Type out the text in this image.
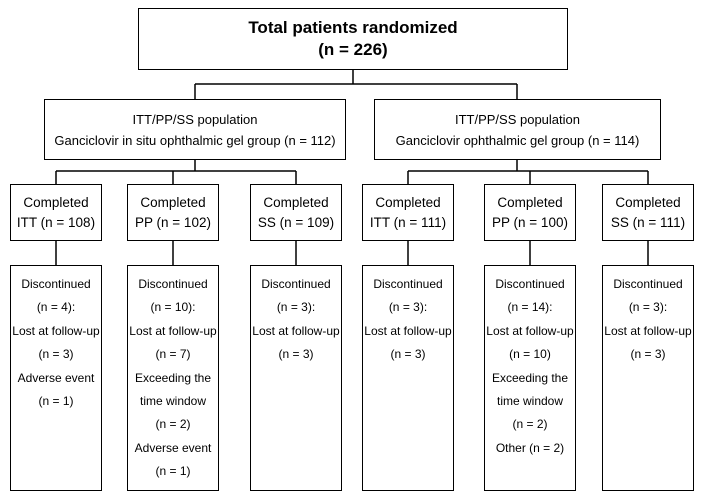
Total patients randomized
(n = 226)
ITT/PP/SS population
Ganciclovir in situ ophthalmic gel group (n = 112)
ITT/PP/SS population
Ganciclovir ophthalmic gel group (n = 114)
Completed
ITT (n = 108)
Completed
PP (n = 102)
Completed
SS (n = 109)
Completed
ITT (n = 111)
Completed
PP (n = 100)
Completed
SS (n = 111)
Discontinued
(n = 4):
Lost at follow-up
(n = 3)
Adverse event
(n = 1)
Discontinued
(n = 10):
Lost at follow-up
(n = 7)
Exceeding the
time window
(n = 2)
Adverse event
(n = 1)
Discontinued
(n = 3):
Lost at follow-up
(n = 3)
Discontinued
(n = 3):
Lost at follow-up
(n = 3)
Discontinued
(n = 14):
Lost at follow-up
(n = 10)
Exceeding the
time window
(n = 2)
Other (n = 2)
Discontinued
(n = 3):
Lost at follow-up
(n = 3)
